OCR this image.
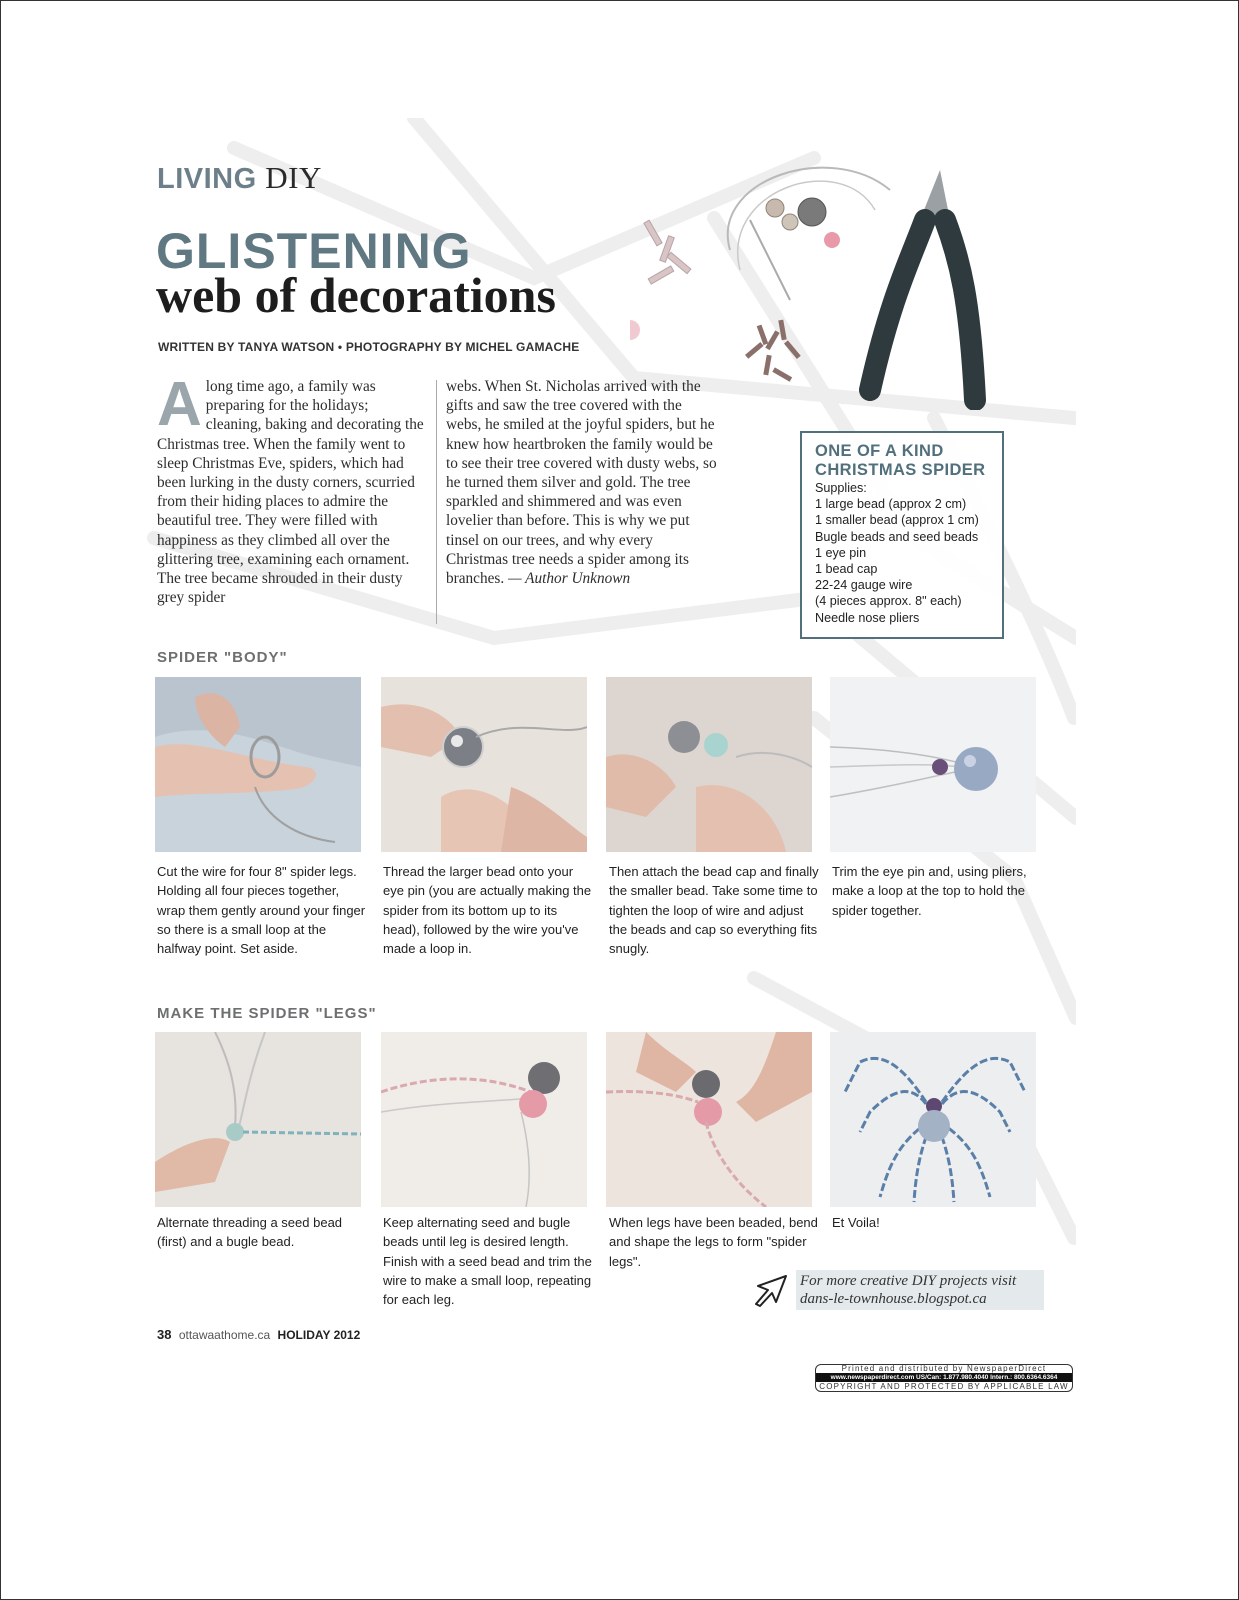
LIVING DIY
GLISTENING
web of decorations
WRITTEN BY TANYA WATSON • PHOTOGRAPHY BY MICHEL GAMACHE
A long time ago, a family was preparing for the holidays; cleaning, baking and decorating the Christmas tree. When the family went to sleep Christmas Eve, spiders, which had been lurking in the dusty corners, scurried from their hiding places to admire the beautiful tree. They were filled with happiness as they climbed all over the glittering tree, examining each ornament. The tree became shrouded in their dusty grey spider
webs. When St. Nicholas arrived with the gifts and saw the tree covered with the webs, he smiled at the joyful spiders, but he knew how heartbroken the family would be to see their tree covered with dusty webs, so he turned them silver and gold. The tree sparkled and shimmered and was even lovelier than before. This is why we put tinsel on our trees, and why every Christmas tree needs a spider among its branches. — Author Unknown
ONE OF A KIND
CHRISTMAS SPIDER
Supplies:
1 large bead (approx 2 cm)
1 smaller bead (approx 1 cm)
Bugle beads and seed beads
1 eye pin
1 bead cap
22-24 gauge wire
(4 pieces approx. 8" each)
Needle nose pliers
SPIDER "BODY"
Cut the wire for four 8" spider legs. Holding all four pieces together, wrap them gently around your finger so there is a small loop at the halfway point. Set aside.
Thread the larger bead onto your eye pin (you are actually making the spider from its bottom up to its head), followed by the wire you've made a loop in.
Then attach the bead cap and finally the smaller bead. Take some time to tighten the loop of wire and adjust the beads and cap so everything fits snugly.
Trim the eye pin and, using pliers, make a loop at the top to hold the spider together.
MAKE THE SPIDER "LEGS"
Alternate threading a seed bead (first) and a bugle bead.
Keep alternating seed and bugle beads until leg is desired length. Finish with a seed bead and trim the wire to make a small loop, repeating for each leg.
When legs have been beaded, bend and shape the legs to form "spider legs".
Et Voila!
For more creative DIY projects visit
dans-le-townhouse.blogspot.ca
38 ottawaathome.ca HOLIDAY 2012
Printed and distributed by NewspaperDirect
www.newspaperdirect.com US/Can: 1.877.980.4040 Intern.: 800.6364.6364
COPYRIGHT AND PROTECTED BY APPLICABLE LAW
